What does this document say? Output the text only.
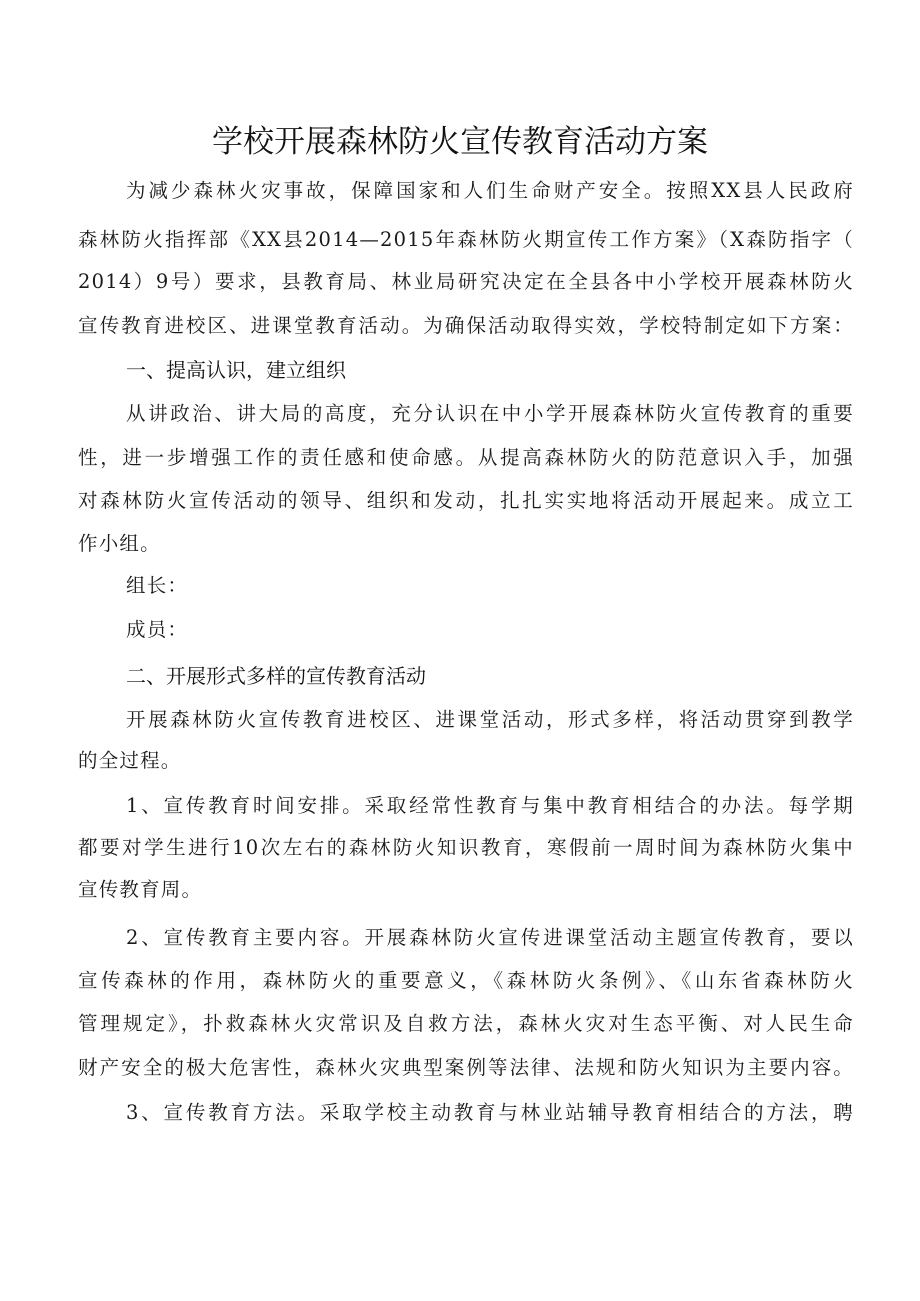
学校开展森林防火宣传教育活动方案
为减少森林火灾事故，保障国家和人们生命财产安全。按照XX县人民政府
森林防火指挥部《XX县2014—2015年森林防火期宣传工作方案》（X森防指字（
2014）9号）要求，县教育局、林业局研究决定在全县各中小学校开展森林防火
宣传教育进校区、进课堂教育活动。为确保活动取得实效，学校特制定如下方案：
一、提高认识，建立组织
从讲政治、讲大局的高度，充分认识在中小学开展森林防火宣传教育的重要
性，进一步增强工作的责任感和使命感。从提高森林防火的防范意识入手，加强
对森林防火宣传活动的领导、组织和发动，扎扎实实地将活动开展起来。成立工
作小组。
组长：
成员：
二、开展形式多样的宣传教育活动
开展森林防火宣传教育进校区、进课堂活动，形式多样，将活动贯穿到教学
的全过程。
1、宣传教育时间安排。采取经常性教育与集中教育相结合的办法。每学期
都要对学生进行10次左右的森林防火知识教育，寒假前一周时间为森林防火集中
宣传教育周。
2、宣传教育主要内容。开展森林防火宣传进课堂活动主题宣传教育，要以
宣传森林的作用，森林防火的重要意义，《森林防火条例》、《山东省森林防火
管理规定》，扑救森林火灾常识及自救方法，森林火灾对生态平衡、对人民生命
财产安全的极大危害性，森林火灾典型案例等法律、法规和防火知识为主要内容。
3、宣传教育方法。采取学校主动教育与林业站辅导教育相结合的方法，聘
